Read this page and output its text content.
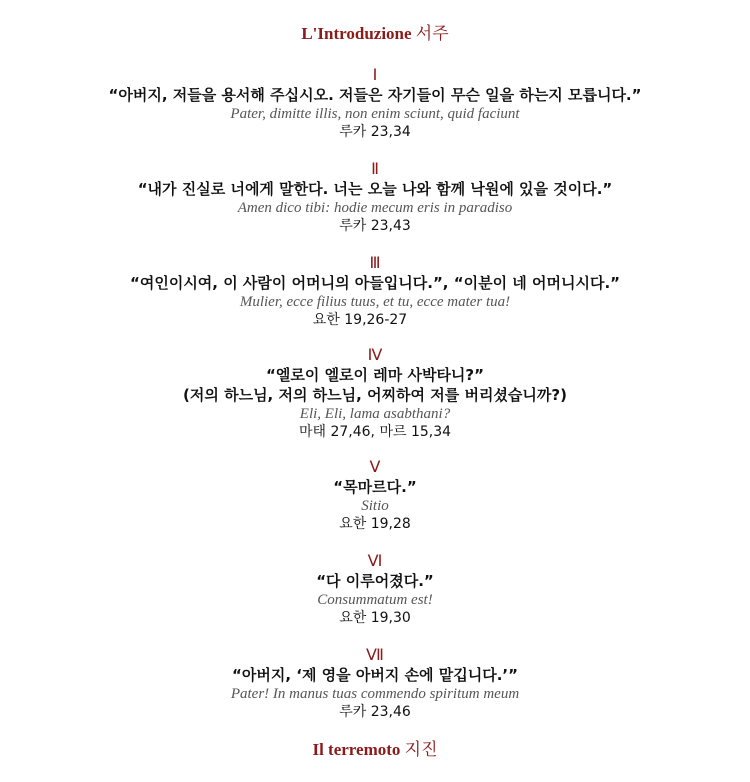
L'Introduzione 서주
Ⅰ
“아버지, 저들을 용서해 주십시오. 저들은 자기들이 무슨 일을 하는지 모릅니다.”
Pater, dimitte illis, non enim sciunt, quid faciunt
루카 23,34
Ⅱ
“내가 진실로 너에게 말한다. 너는 오늘 나와 함께 낙원에 있을 것이다.”
Amen dico tibi: hodie mecum eris in paradiso
루카 23,43
Ⅲ
“여인이시여, 이 사람이 어머니의 아들입니다.”, “이분이 네 어머니시다.”
Mulier, ecce filius tuus, et tu, ecce mater tua!
요한 19,26-27
Ⅳ
“엘로이 엘로이 레마 사박타니?”
(저의 하느님, 저의 하느님, 어찌하여 저를 버리셨습니까?)
Eli, Eli, lama asabthani?
마태 27,46, 마르 15,34
Ⅴ
“목마르다.”
Sitio
요한 19,28
Ⅵ
“다 이루어졌다.”
Consummatum est!
요한 19,30
Ⅶ
“아버지, ‘제 영을 아버지 손에 맡깁니다.’”
Pater! In manus tuas commendo spiritum meum
루카 23,46
Il terremoto 지진
